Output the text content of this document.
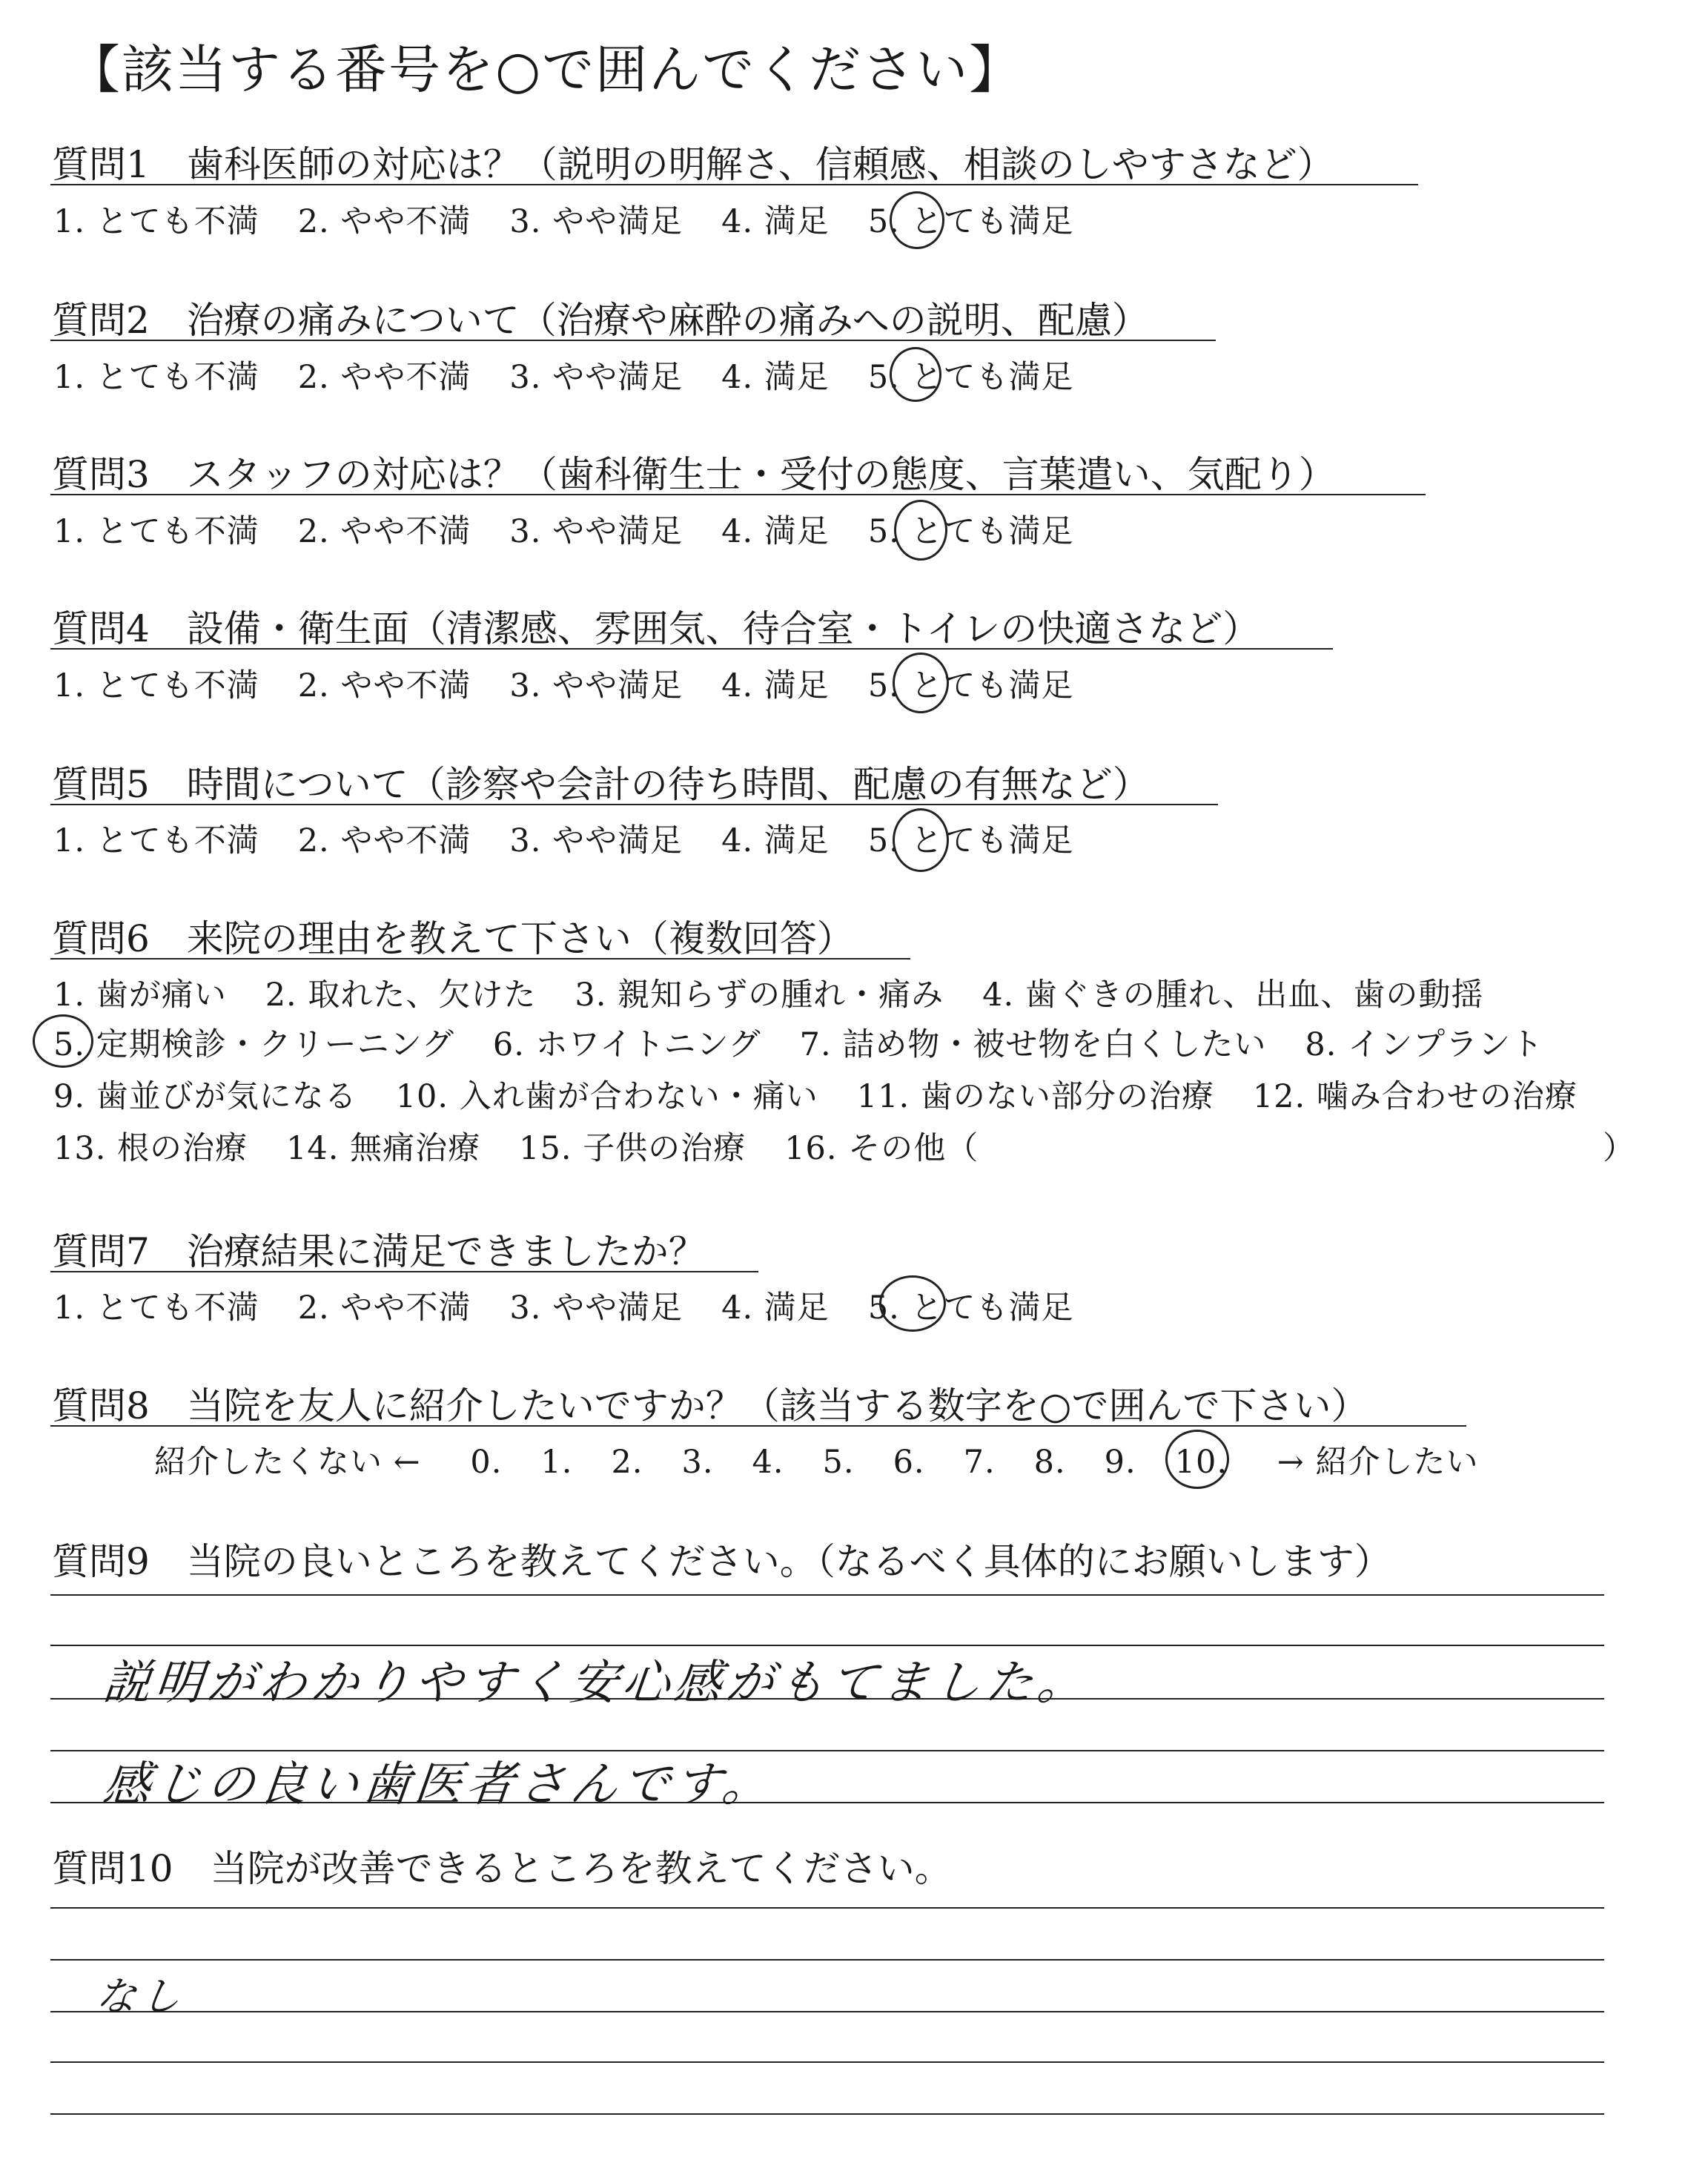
【該当する番号を○で囲んでください】
質問1　歯科医師の対応は？（説明の明解さ、信頼感、相談のしやすさなど）
1. とても不満 2. やや不満 3. やや満足 4. 満足 5. とても満足
質問2　治療の痛みについて（治療や麻酔の痛みへの説明、配慮）
1. とても不満 2. やや不満 3. やや満足 4. 満足 5. とても満足
質問3　スタッフの対応は？（歯科衛生士・受付の態度、言葉遣い、気配り）
1. とても不満 2. やや不満 3. やや満足 4. 満足 5. とても満足
質問4　設備・衛生面（清潔感、雰囲気、待合室・トイレの快適さなど）
1. とても不満 2. やや不満 3. やや満足 4. 満足 5. とても満足
質問5　時間について（診察や会計の待ち時間、配慮の有無など）
1. とても不満 2. やや不満 3. やや満足 4. 満足 5. とても満足
質問6　来院の理由を教えて下さい（複数回答）
1. 歯が痛い 2. 取れた、欠けた 3. 親知らずの腫れ・痛み 4. 歯ぐきの腫れ、出血、歯の動揺
5. 定期検診・クリーニング 6. ホワイトニング 7. 詰め物・被せ物を白くしたい 8. インプラント
9. 歯並びが気になる 10. 入れ歯が合わない・痛い 11. 歯のない部分の治療 12. 噛み合わせの治療
13. 根の治療 14. 無痛治療 15. 子供の治療 16. その他（	）
質問7　治療結果に満足できましたか？
1. とても不満 2. やや不満 3. やや満足 4. 満足 5. とても満足
質問8　当院を友人に紹介したいですか？（該当する数字を○で囲んで下さい）
紹介したくない ← 0. 1. 2. 3. 4. 5. 6. 7. 8. 9. 10. → 紹介したい
質問9　当院の良いところを教えてください。（なるべく具体的にお願いします）
説明がわかりやすく安心感がもてました。
感じの良い歯医者さんです。
質問10　当院が改善できるところを教えてください。
なし
